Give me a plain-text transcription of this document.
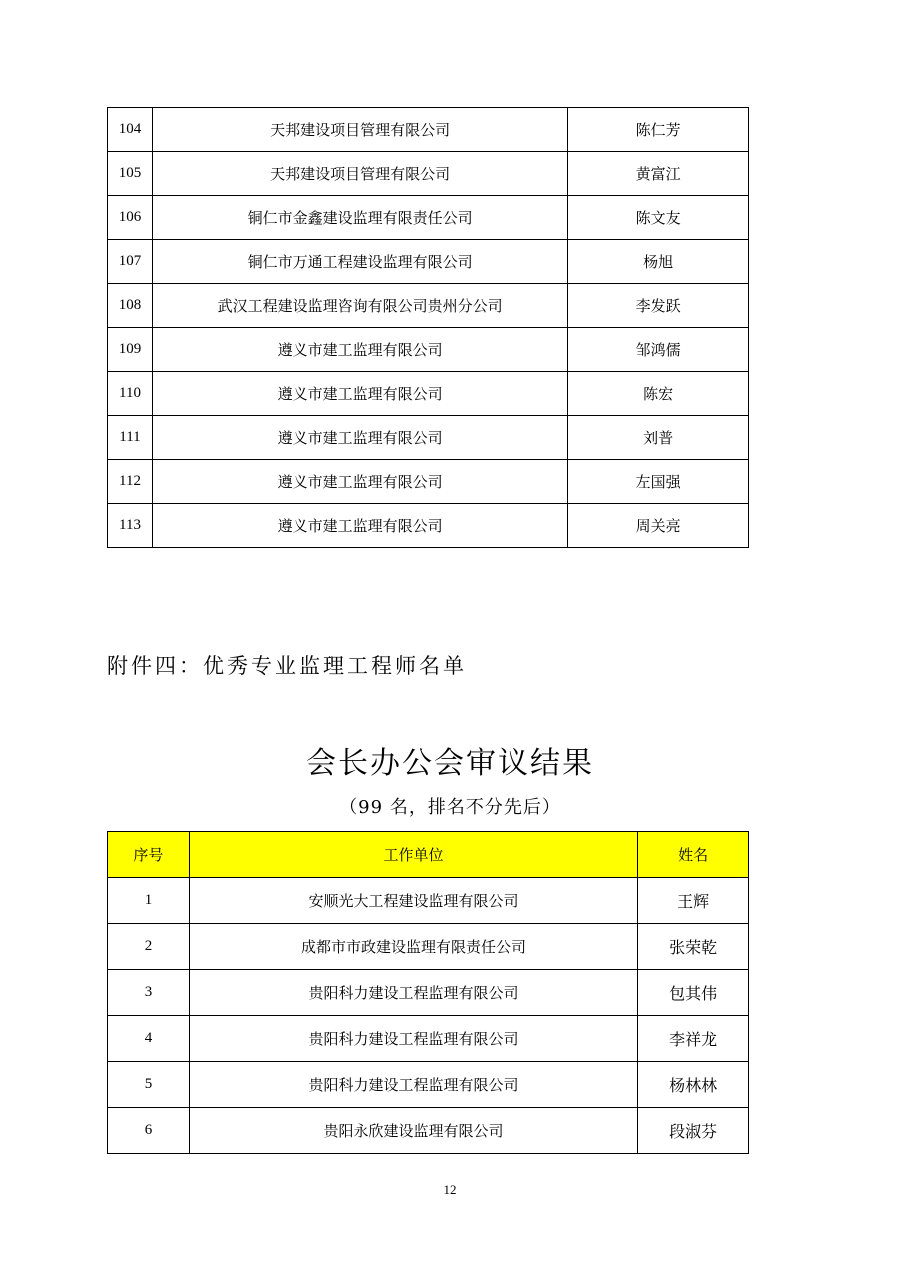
104	天邦建设项目管理有限公司	陈仁芳
105	天邦建设项目管理有限公司	黄富江
106	铜仁市金鑫建设监理有限责任公司	陈文友
107	铜仁市万通工程建设监理有限公司	杨旭
108	武汉工程建设监理咨询有限公司贵州分公司	李发跃
109	遵义市建工监理有限公司	邹鸿儒
110	遵义市建工监理有限公司	陈宏
111	遵义市建工监理有限公司	刘普
112	遵义市建工监理有限公司	左国强
113	遵义市建工监理有限公司	周关亮
附件四：优秀专业监理工程师名单
会长办公会审议结果
（99 名，排名不分先后）
序号	工作单位	姓名
1	安顺光大工程建设监理有限公司	王辉
2	成都市市政建设监理有限责任公司	张荣乾
3	贵阳科力建设工程监理有限公司	包其伟
4	贵阳科力建设工程监理有限公司	李祥龙
5	贵阳科力建设工程监理有限公司	杨林林
6	贵阳永欣建设监理有限公司	段淑芬
12
